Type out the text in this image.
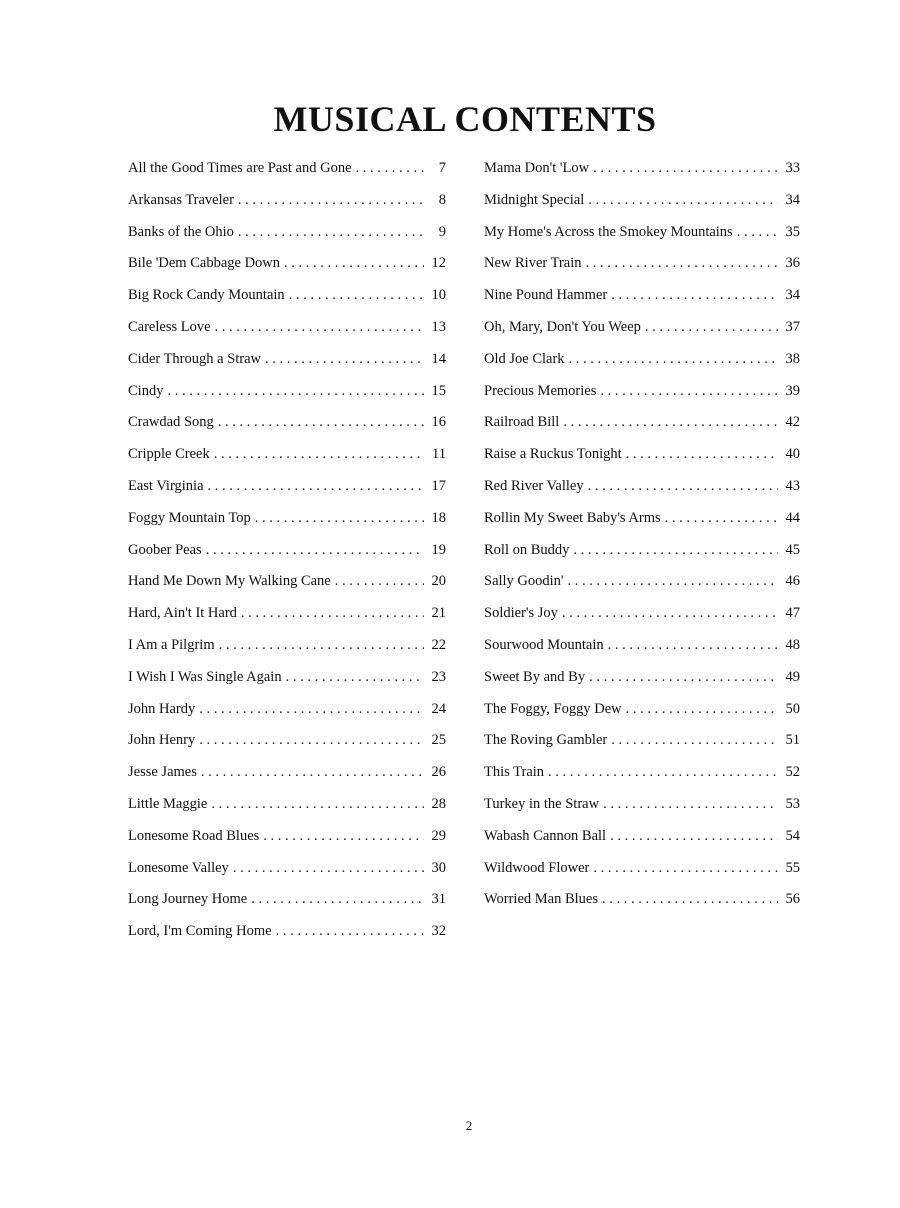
MUSICAL CONTENTS
All the Good Times are Past and Gone . . .	7
Arkansas Traveler . . .	8
Banks of the Ohio . . .	9
Bile 'Dem Cabbage Down . . .	12
Big Rock Candy Mountain . . .	10
Careless Love . . .	13
Cider Through a Straw . . .	14
Cindy . . .	15
Crawdad Song . . .	16
Cripple Creek . . .	11
East Virginia . . .	17
Foggy Mountain Top . . .	18
Goober Peas . . .	19
Hand Me Down My Walking Cane . . .	20
Hard, Ain't It Hard . . .	21
I Am a Pilgrim . . .	22
I Wish I Was Single Again . . .	23
John Hardy . . .	24
John Henry . . .	25
Jesse James . . .	26
Little Maggie . . .	28
Lonesome Road Blues . . .	29
Lonesome Valley . . .	30
Long Journey Home . . .	31
Lord, I'm Coming Home . . .	32
Mama Don't 'Low . . .	33
Midnight Special . . .	34
My Home's Across the Smokey Mountains . . .	35
New River Train . . .	36
Nine Pound Hammer . . .	34
Oh, Mary, Don't You Weep . . .	37
Old Joe Clark . . .	38
Precious Memories . . .	39
Railroad Bill . . .	42
Raise a Ruckus Tonight . . .	40
Red River Valley . . .	43
Rollin My Sweet Baby's Arms . . .	44
Roll on Buddy . . .	45
Sally Goodin' . . .	46
Soldier's Joy . . .	47
Sourwood Mountain . . .	48
Sweet By and By . . .	49
The Foggy, Foggy Dew . . .	50
The Roving Gambler . . .	51
This Train . . .	52
Turkey in the Straw . . .	53
Wabash Cannon Ball . . .	54
Wildwood Flower . . .	55
Worried Man Blues . . .	56
2
